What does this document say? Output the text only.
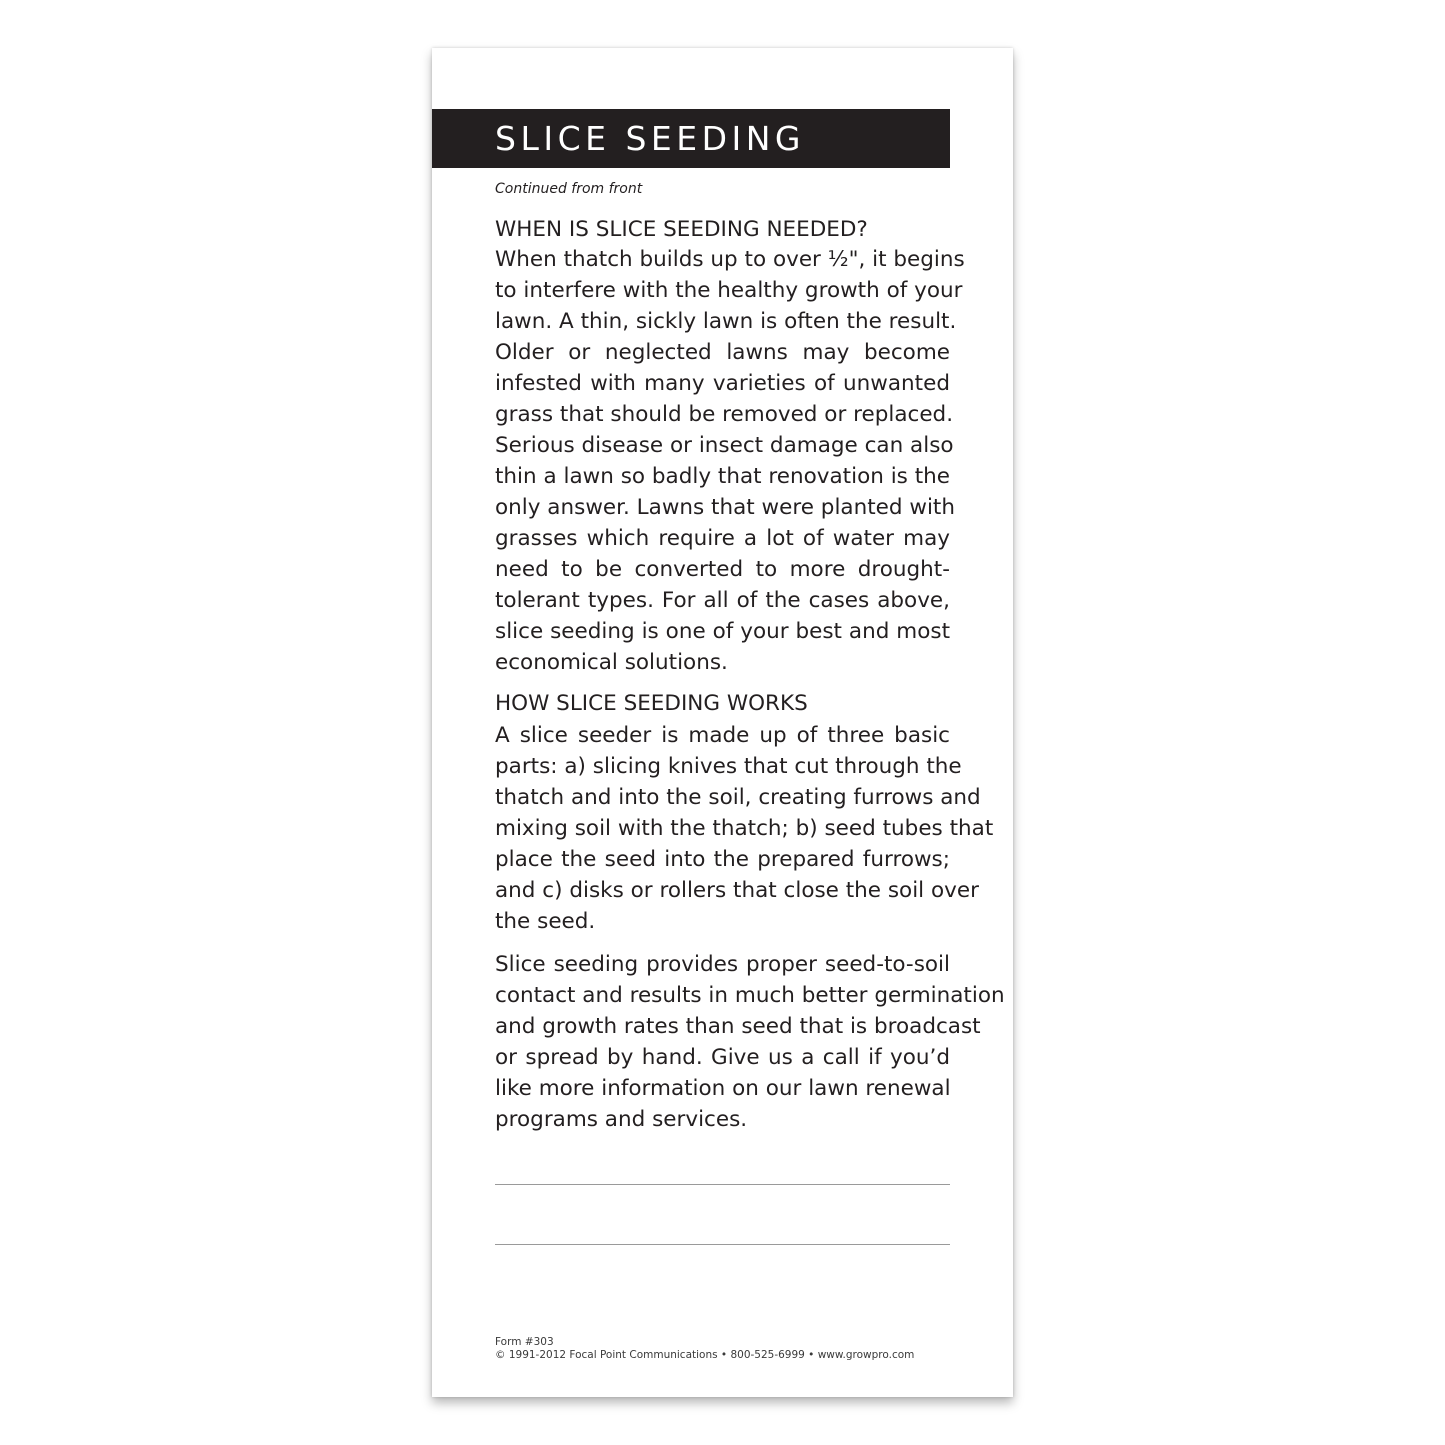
SLICE SEEDING
Continued from front
WHEN IS SLICE SEEDING NEEDED?
When thatch builds up to over ½", it begins
to interfere with the healthy growth of your
lawn. A thin, sickly lawn is often the result.
Older or neglected lawns may become
infested with many varieties of unwanted
grass that should be removed or replaced.
Serious disease or insect damage can also
thin a lawn so badly that renovation is the
only answer. Lawns that were planted with
grasses which require a lot of water may
need to be converted to more drought-
tolerant types. For all of the cases above,
slice seeding is one of your best and most
economical solutions.
HOW SLICE SEEDING WORKS
A slice seeder is made up of three basic
parts: a) slicing knives that cut through the
thatch and into the soil, creating furrows and
mixing soil with the thatch; b) seed tubes that
place the seed into the prepared furrows;
and c) disks or rollers that close the soil over
the seed.
Slice seeding provides proper seed-to-soil
contact and results in much better germination
and growth rates than seed that is broadcast
or spread by hand. Give us a call if you’d
like more information on our lawn renewal
programs and services.
Form #303
© 1991-2012 Focal Point Communications • 800-525-6999 • www.growpro.com
